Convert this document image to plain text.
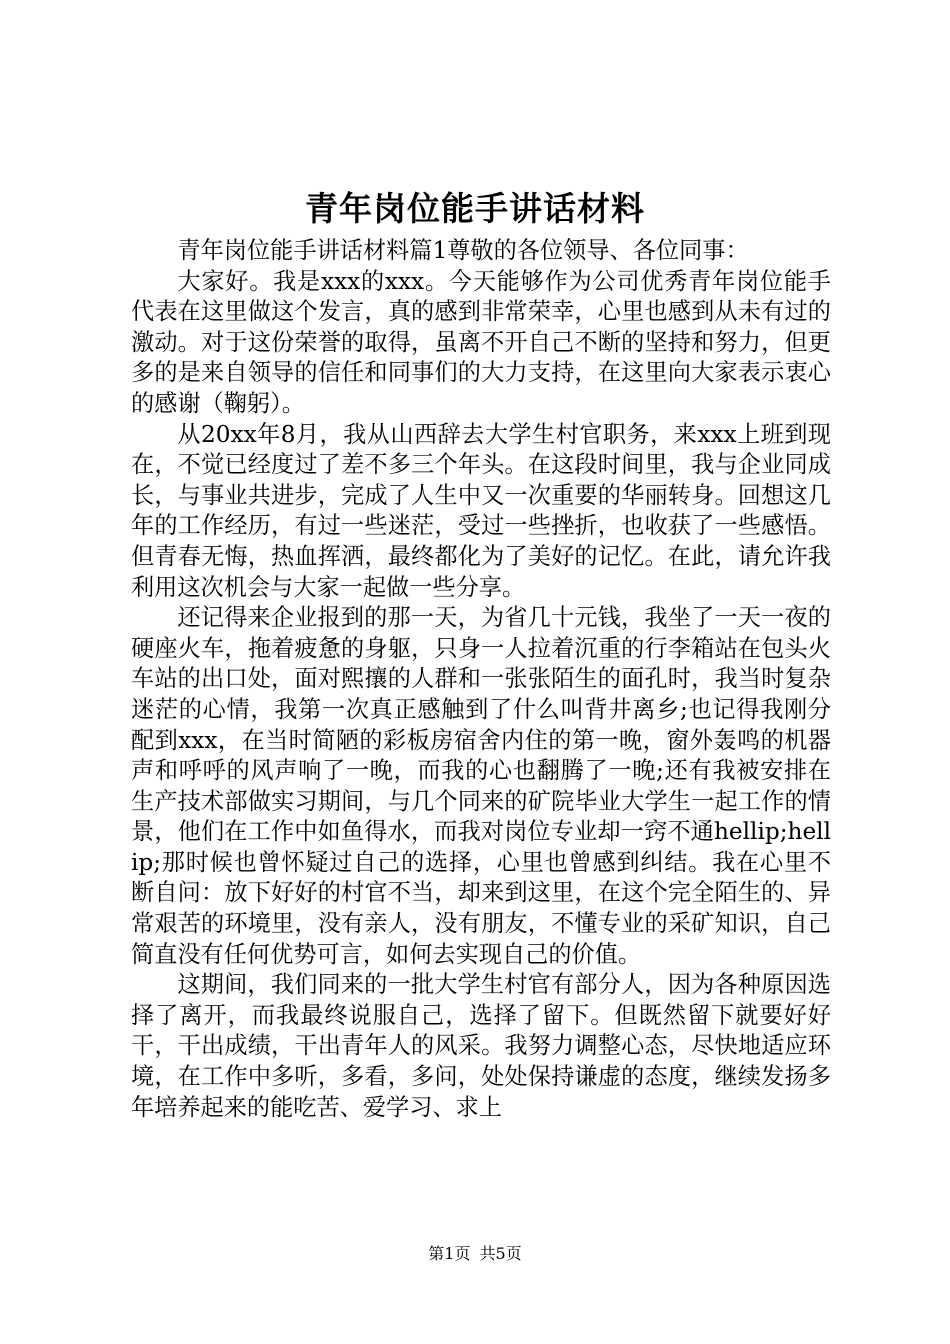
青年岗位能手讲话材料

青年岗位能手讲话材料篇1尊敬的各位领导、各位同事：

大家好。我是xxx的xxx。今天能够作为公司优秀青年岗位能手代表在这里做这个发言，真的感到非常荣幸，心里也感到从未有过的激动。对于这份荣誉的取得，虽离不开自己不断的坚持和努力，但更多的是来自领导的信任和同事们的大力支持，在这里向大家表示衷心的感谢（鞠躬）。

从20xx年8月，我从山西辞去大学生村官职务，来xxx上班到现在，不觉已经度过了差不多三个年头。在这段时间里，我与企业同成长，与事业共进步，完成了人生中又一次重要的华丽转身。回想这几年的工作经历，有过一些迷茫，受过一些挫折，也收获了一些感悟。但青春无悔，热血挥洒，最终都化为了美好的记忆。在此，请允许我利用这次机会与大家一起做一些分享。

还记得来企业报到的那一天，为省几十元钱，我坐了一天一夜的硬座火车，拖着疲惫的身躯，只身一人拉着沉重的行李箱站在包头火车站的出口处，面对熙攘的人群和一张张陌生的面孔时，我当时复杂迷茫的心情，我第一次真正感触到了什么叫背井离乡;也记得我刚分配到xxx，在当时简陋的彩板房宿舍内住的第一晚，窗外轰鸣的机器声和呼呼的风声响了一晚，而我的心也翻腾了一晚;还有我被安排在生产技术部做实习期间，与几个同来的矿院毕业大学生一起工作的情景，他们在工作中如鱼得水，而我对岗位专业却一窍不通hellip;hellip;那时候也曾怀疑过自己的选择，心里也曾感到纠结。我在心里不断自问：放下好好的村官不当，却来到这里，在这个完全陌生的、异常艰苦的环境里，没有亲人，没有朋友，不懂专业的采矿知识，自己简直没有任何优势可言，如何去实现自己的价值。

这期间，我们同来的一批大学生村官有部分人，因为各种原因选择了离开，而我最终说服自己，选择了留下。但既然留下就要好好干，干出成绩，干出青年人的风采。我努力调整心态，尽快地适应环境，在工作中多听，多看，多问，处处保持谦虚的态度，继续发扬多年培养起来的能吃苦、爱学习、求上

第1页 共5页
